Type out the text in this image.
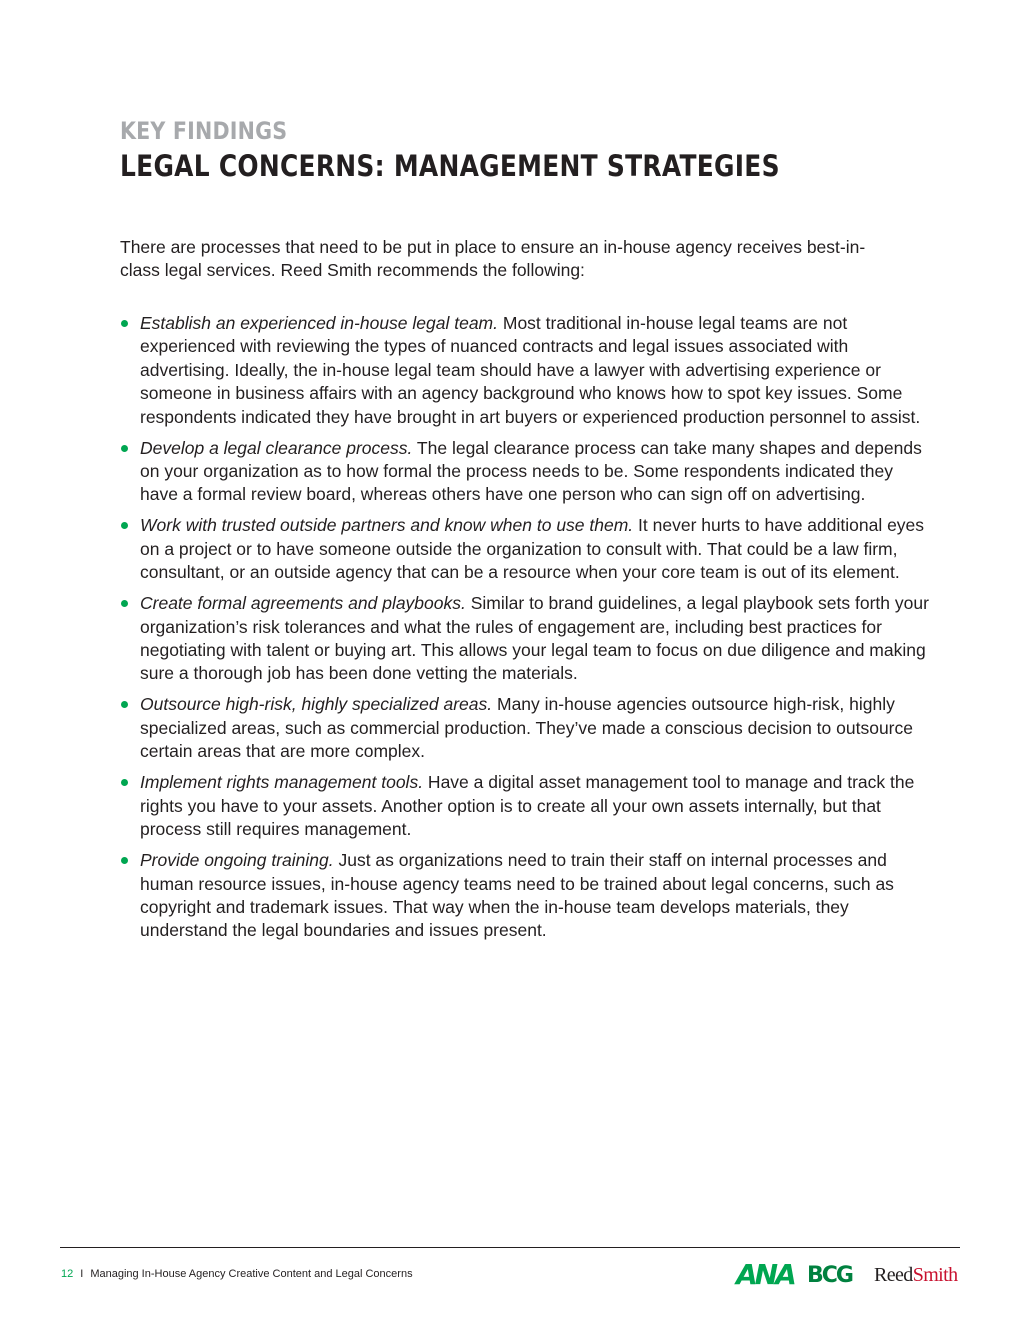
KEY FINDINGS
LEGAL CONCERNS: MANAGEMENT STRATEGIES

There are processes that need to be put in place to ensure an in-house agency receives best-in-class legal services. Reed Smith recommends the following:

Establish an experienced in-house legal team. Most traditional in-house legal teams are not experienced with reviewing the types of nuanced contracts and legal issues associated with advertising. Ideally, the in-house legal team should have a lawyer with advertising experience or someone in business affairs with an agency background who knows how to spot key issues. Some respondents indicated they have brought in art buyers or experienced production personnel to assist.
Develop a legal clearance process. The legal clearance process can take many shapes and depends on your organization as to how formal the process needs to be. Some respondents indicated they have a formal review board, whereas others have one person who can sign off on advertising.
Work with trusted outside partners and know when to use them. It never hurts to have additional eyes on a project or to have someone outside the organization to consult with. That could be a law firm, consultant, or an outside agency that can be a resource when your core team is out of its element.
Create formal agreements and playbooks. Similar to brand guidelines, a legal playbook sets forth your organization’s risk tolerances and what the rules of engagement are, including best practices for negotiating with talent or buying art. This allows your legal team to focus on due diligence and making sure a thorough job has been done vetting the materials.
Outsource high-risk, highly specialized areas. Many in-house agencies outsource high-risk, highly specialized areas, such as commercial production. They’ve made a conscious decision to outsource certain areas that are more complex.
Implement rights management tools. Have a digital asset management tool to manage and track the rights you have to your assets. Another option is to create all your own assets internally, but that process still requires management.
Provide ongoing training. Just as organizations need to train their staff on internal processes and human resource issues, in-house agency teams need to be trained about legal concerns, such as copyright and trademark issues. That way when the in-house team develops materials, they understand the legal boundaries and issues present.
12 I Managing In-House Agency Creative Content and Legal Concerns	ANA BCG ReedSmith
